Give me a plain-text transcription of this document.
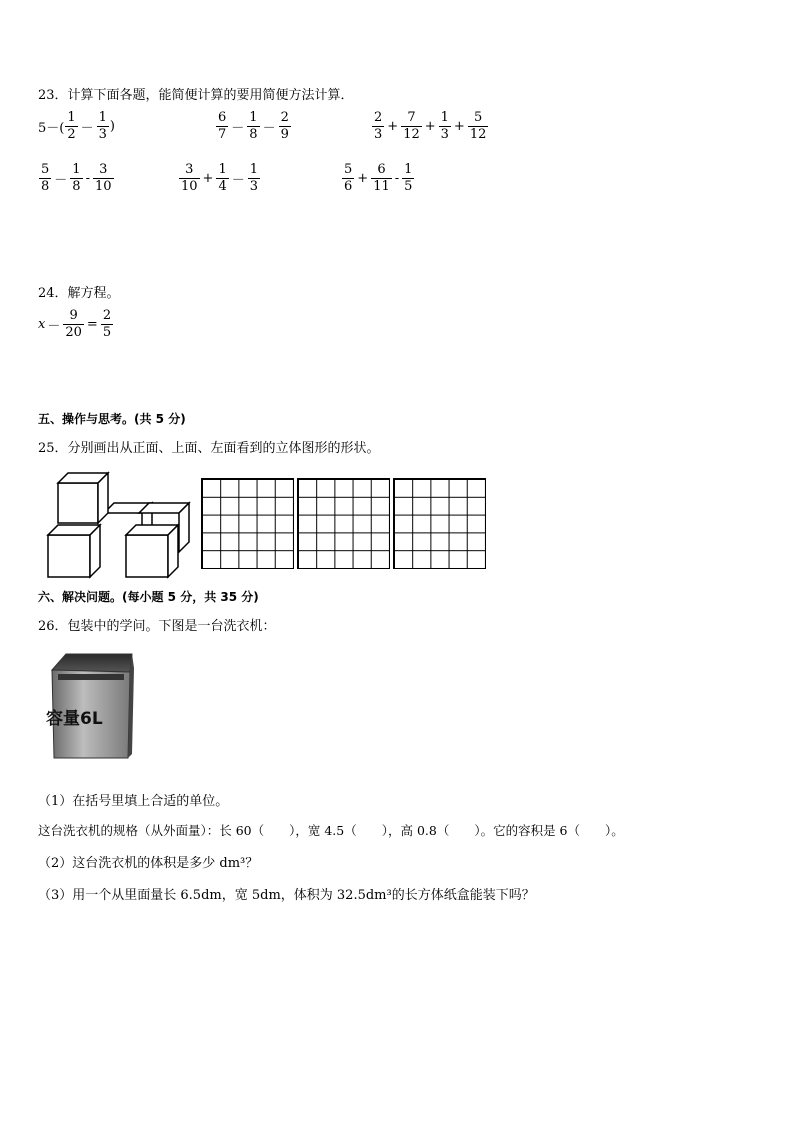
23．计算下面各题，能简便计算的要用简便方法计算．
$5-( \frac{1}{2} - \frac{1}{3}$ )	$\frac{6}{7} - \frac{1}{8} - \frac{2}{9}$	$\frac{2}{3} + \frac{7}{12} + \frac{1}{3} + \frac{5}{12}$
$\frac{5}{8} - \frac{1}{8} - \frac{3}{10}$	$\frac{3}{10} + \frac{1}{4} - \frac{1}{3}$	$\frac{5}{6} + \frac{6}{11} - \frac{1}{5}$
24．解方程。
$x - \frac{9}{20} = \frac{2}{5}$
五、操作与思考。(共 5 分)
25．分别画出从正面、上面、左面看到的立体图形的形状。
六、解决问题。(每小题 5 分，共 35 分)
26．包装中的学问。下图是一台洗衣机：
容量6L
（1）在括号里填上合适的单位。
这台洗衣机的规格（从外面量）：长 60（　　），宽 4.5（　　），高 0.8（　　）。它的容积是 6（　　）。
（2）这台洗衣机的体积是多少 dm³？
（3）用一个从里面量长 6.5dm，宽 5dm，体积为 32.5dm³的长方体纸盒能装下吗？
